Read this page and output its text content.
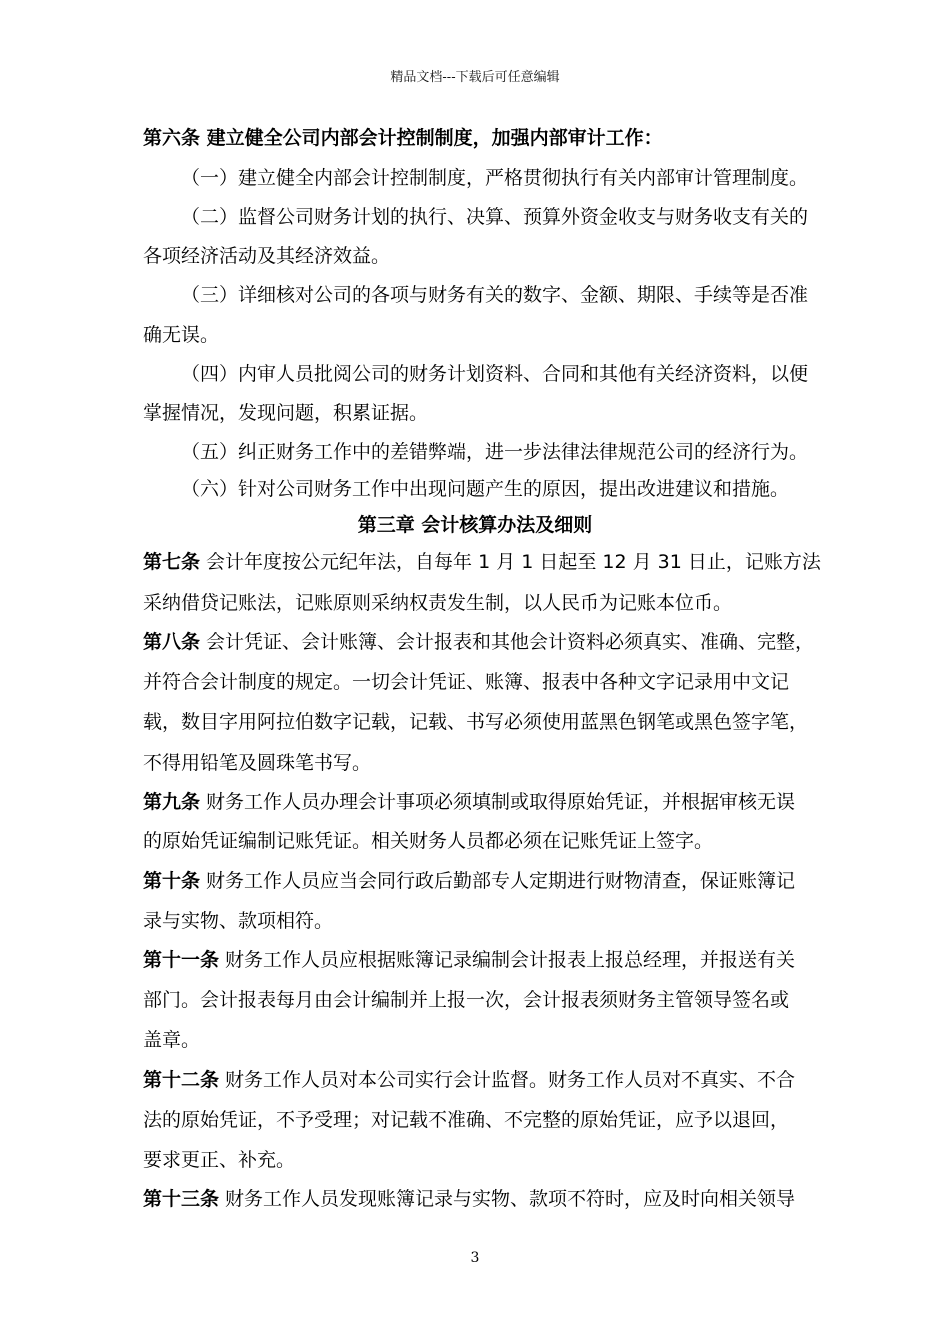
精品文档---下载后可任意编辑
第六条 建立健全公司内部会计控制制度，加强内部审计工作：
（一）建立健全内部会计控制制度，严格贯彻执行有关内部审计管理制度。
（二）监督公司财务计划的执行、决算、预算外资金收支与财务收支有关的
各项经济活动及其经济效益。
（三）详细核对公司的各项与财务有关的数字、金额、期限、手续等是否准
确无误。
（四）内审人员批阅公司的财务计划资料、合同和其他有关经济资料，以便
掌握情况，发现问题，积累证据。
（五）纠正财务工作中的差错弊端，进一步法律法律规范公司的经济行为。
（六）针对公司财务工作中出现问题产生的原因，提出改进建议和措施。
第三章 会计核算办法及细则
第七条 会计年度按公元纪年法，自每年 1 月 1 日起至 12 月 31 日止，记账方法
采纳借贷记账法，记账原则采纳权责发生制，以人民币为记账本位币。
第八条 会计凭证、会计账簿、会计报表和其他会计资料必须真实、准确、完整，
并符合会计制度的规定。一切会计凭证、账簿、报表中各种文字记录用中文记
载，数目字用阿拉伯数字记载，记载、书写必须使用蓝黑色钢笔或黑色签字笔，
不得用铅笔及圆珠笔书写。
第九条 财务工作人员办理会计事项必须填制或取得原始凭证，并根据审核无误
的原始凭证编制记账凭证。相关财务人员都必须在记账凭证上签字。
第十条 财务工作人员应当会同行政后勤部专人定期进行财物清查，保证账簿记
录与实物、款项相符。
第十一条 财务工作人员应根据账簿记录编制会计报表上报总经理，并报送有关
部门。会计报表每月由会计编制并上报一次，会计报表须财务主管领导签名或
盖章。
第十二条 财务工作人员对本公司实行会计监督。财务工作人员对不真实、不合
法的原始凭证，不予受理；对记载不准确、不完整的原始凭证，应予以退回，
要求更正、补充。
第十三条 财务工作人员发现账簿记录与实物、款项不符时，应及时向相关领导
3
